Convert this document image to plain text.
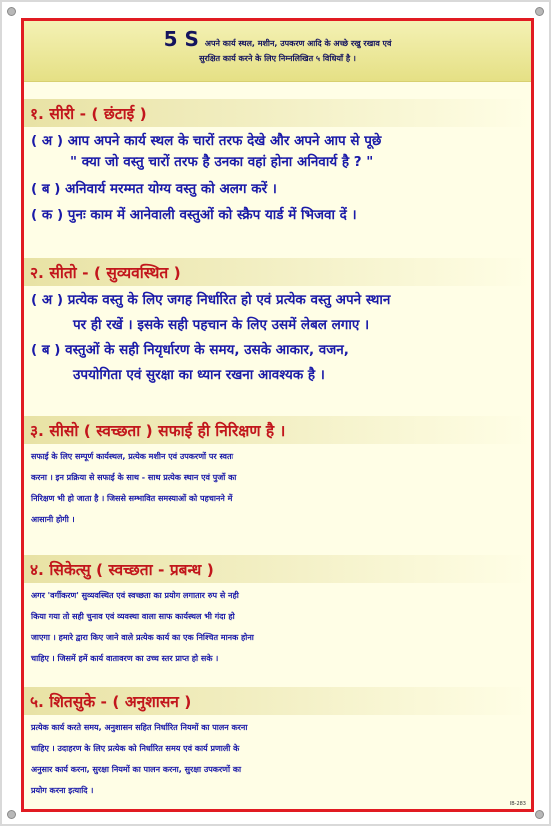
5 S अपने कार्य स्थल, मशीन, उपकरण आदि के अच्छे रखु रखाव एवं
सुरक्षित कार्य करने के लिए निम्नलिखित ५ विधियाँ है ।
१. सीरी - ( छंटाई )
( अ ) आप अपने कार्य स्थल के चारों तरफ देखे और अपने आप से पूछे
" क्या जो वस्तु चारों तरफ है उनका वहां होना अनिवार्य है ? "
( ब ) अनिवार्य मरम्मत योग्य वस्तु को अलग करें ।
( क ) पुनः काम में आनेवाली वस्तुओं को स्क्रैप यार्ड में भिजवा दें ।
२. सीतो - ( सुव्यवस्थित )
( अ ) प्रत्येक वस्तु के लिए जगह निर्धारित हो एवं प्रत्येक वस्तु अपने स्थान
पर ही रखें । इसके सही पहचान के लिए उसमें लेबल लगाए ।
( ब ) वस्तुओं के सही नियृर्धारण के समय, उसके आकार, वजन,
उपयोगिता एवं सुरक्षा का ध्यान रखना आवश्यक है ।
३. सीसो ( स्वच्छता ) सफाई ही निरिक्षण है ।
सफाई के लिए सम्पूर्ण कार्यस्थल, प्रत्येक मशीन एवं उपकरणों पर स्वतः
करना । इन प्रक्रिया से सफाई के साथ - साथ प्रत्येक स्थान एवं पुर्जो का
निरिक्षण भी हो जाता है । जिससे सम्भावित समस्याओं को पहचानने में
आसानी होगी ।
४. सिकेत्सु ( स्वच्छता - प्रबन्ध )
अगर 'वर्गीकरण' सुव्यवस्थित एवं स्वच्छता का प्रयोग लगातार रुप से नही
किया गया तो सही चुनाव एवं व्यवस्था वाला साफ कार्यस्थल भी गंदा हो
जाएगा । हमारे द्वारा किए जाने वाले प्रत्येक कार्य का एक निश्चित मानक होना
चाहिए । जिसमें हमें कार्य वातावरण का उच्च स्तर प्राप्त हो सके ।
५. शितसुके - ( अनुशासन )
प्रत्येक कार्य करते समय, अनुशासन सहित निर्धारित नियमों का पालन करना
चाहिए । उदाहरण के लिए प्रत्येक को निर्धारित समय एवं कार्य प्रणाली के
अनुसार कार्य करना, सुरक्षा नियमों का पालन करना, सुरक्षा उपकरणों का
प्रयोग करना इत्यादि ।
IB-283
